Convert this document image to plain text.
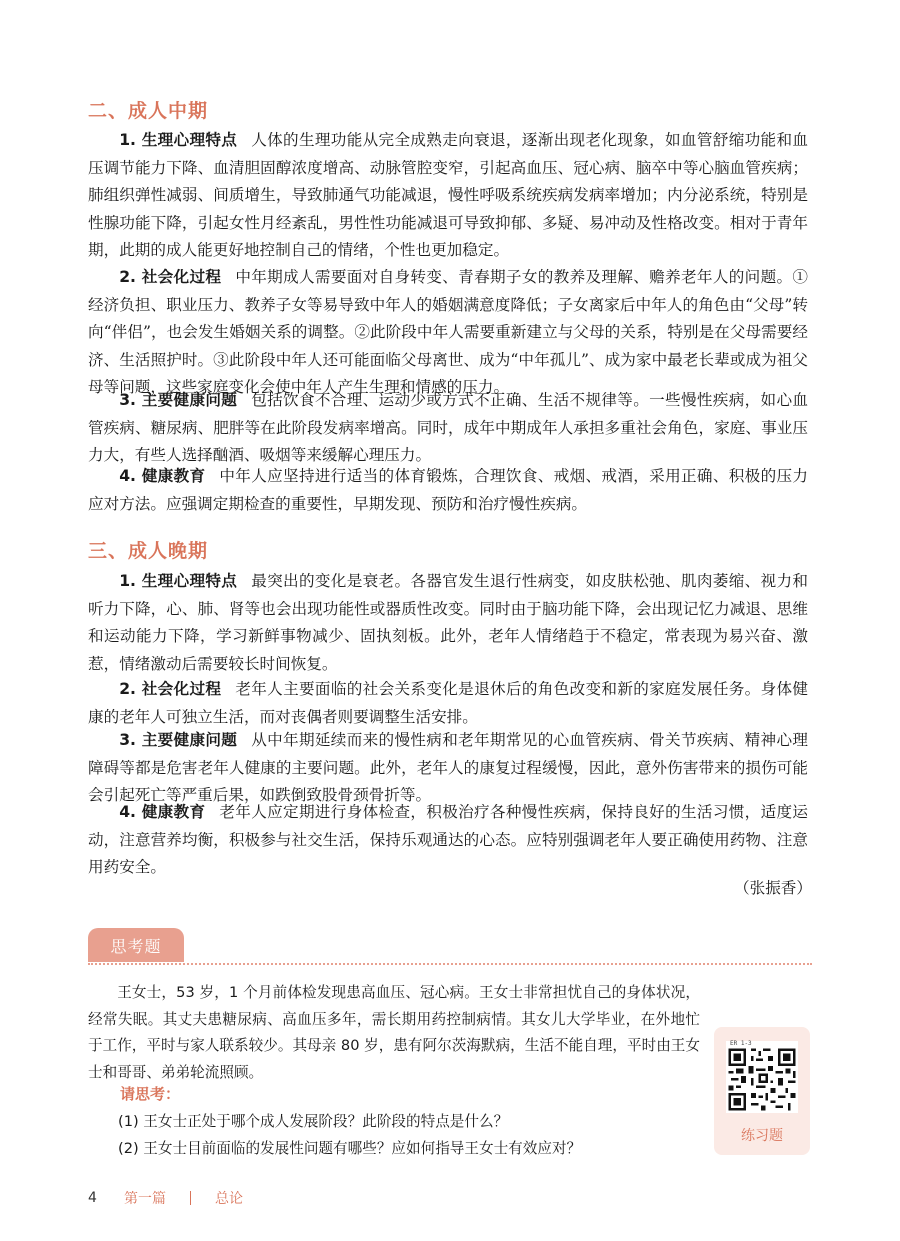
二、成人中期

1. 生理心理特点 人体的生理功能从完全成熟走向衰退，逐渐出现老化现象，如血管舒缩功能和血压调节能力下降、血清胆固醇浓度增高、动脉管腔变窄，引起高血压、冠心病、脑卒中等心脑血管疾病；肺组织弹性减弱、间质增生，导致肺通气功能减退，慢性呼吸系统疾病发病率增加；内分泌系统，特别是性腺功能下降，引起女性月经紊乱，男性性功能减退可导致抑郁、多疑、易冲动及性格改变。相对于青年期，此期的成人能更好地控制自己的情绪，个性也更加稳定。

2. 社会化过程 中年期成人需要面对自身转变、青春期子女的教养及理解、赡养老年人的问题。①经济负担、职业压力、教养子女等易导致中年人的婚姻满意度降低；子女离家后中年人的角色由“父母”转向“伴侣”，也会发生婚姻关系的调整。②此阶段中年人需要重新建立与父母的关系，特别是在父母需要经济、生活照护时。③此阶段中年人还可能面临父母离世、成为“中年孤儿”、成为家中最老长辈或成为祖父母等问题，这些家庭变化会使中年人产生生理和情感的压力。

3. 主要健康问题 包括饮食不合理、运动少或方式不正确、生活不规律等。一些慢性疾病，如心血管疾病、糖尿病、肥胖等在此阶段发病率增高。同时，成年中期成年人承担多重社会角色，家庭、事业压力大，有些人选择酗酒、吸烟等来缓解心理压力。

4. 健康教育 中年人应坚持进行适当的体育锻炼，合理饮食、戒烟、戒酒，采用正确、积极的压力应对方法。应强调定期检查的重要性，早期发现、预防和治疗慢性疾病。

三、成人晚期

1. 生理心理特点 最突出的变化是衰老。各器官发生退行性病变，如皮肤松弛、肌肉萎缩、视力和听力下降，心、肺、肾等也会出现功能性或器质性改变。同时由于脑功能下降，会出现记忆力减退、思维和运动能力下降，学习新鲜事物减少、固执刻板。此外，老年人情绪趋于不稳定，常表现为易兴奋、激惹，情绪激动后需要较长时间恢复。

2. 社会化过程 老年人主要面临的社会关系变化是退休后的角色改变和新的家庭发展任务。身体健康的老年人可独立生活，而对丧偶者则要调整生活安排。

3. 主要健康问题 从中年期延续而来的慢性病和老年期常见的心血管疾病、骨关节疾病、精神心理障碍等都是危害老年人健康的主要问题。此外，老年人的康复过程缓慢，因此，意外伤害带来的损伤可能会引起死亡等严重后果，如跌倒致股骨颈骨折等。

4. 健康教育 老年人应定期进行身体检查，积极治疗各种慢性疾病，保持良好的生活习惯，适度运动，注意营养均衡，积极参与社交生活，保持乐观通达的心态。应特别强调老年人要正确使用药物、注意用药安全。

（张振香）
思考题

王女士，53 岁，1 个月前体检发现患高血压、冠心病。王女士非常担忧自己的身体状况，经常失眠。其丈夫患糖尿病、高血压多年，需长期用药控制病情。其女儿大学毕业，在外地忙于工作，平时与家人联系较少。其母亲 80 岁，患有阿尔茨海默病，生活不能自理，平时由王女士和哥哥、弟弟轮流照顾。

请思考：
(1) 王女士正处于哪个成人发展阶段？此阶段的特点是什么？
(2) 王女士目前面临的发展性问题有哪些？应如何指导王女士有效应对？
ER 1-3
练习题
4	第一篇	总论
